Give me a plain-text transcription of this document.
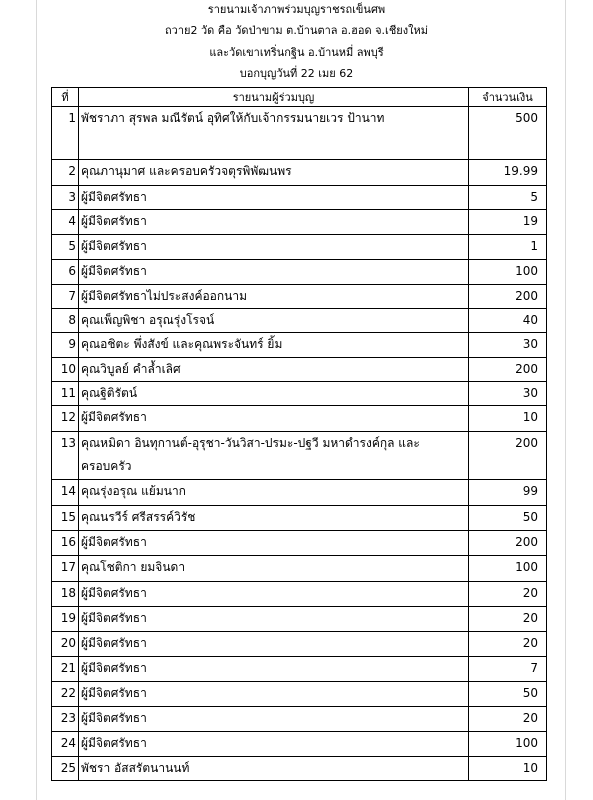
รายนามเจ้าภาพร่วมบุญราชรถเข็นศพ
ถวาย2 วัด คือ วัดป่าขาม ต.บ้านตาล อ.ฮอด จ.เชียงใหม่
และวัดเขาเทริ่นกฐิน อ.บ้านหมี่ ลพบุรี
บอกบุญวันที่ 22 เมย 62
ที่	รายนามผู้ร่วมบุญ	จำนวนเงิน
1	พัชราภา สุรพล มณีรัตน์ อุทิศให้กับเจ้ากรรมนายเวร ป้านาท	500
2	คุณภานุมาศ และครอบครัวจตุรพิพัฒนพร	19.99
3	ผู้มีจิตศรัทธา	5
4	ผู้มีจิตศรัทธา	19
5	ผู้มีจิตศรัทธา	1
6	ผู้มีจิตศรัทธา	100
7	ผู้มีจิตศรัทธาไม่ประสงค์ออกนาม	200
8	คุณเพ็ญพิชา อรุณรุ่งโรจน์	40
9	คุณอชิตะ พึ่งสังข์ และคุณพระจันทร์ ยิ้ม	30
10	คุณวิบูลย์ คำล้ำเลิศ	200
11	คุณฐิติรัตน์	30
12	ผู้มีจิตศรัทธา	10
13	คุณหมิดา อินทุกานต์-อุรุชา-วันวิสา-ปรมะ-ปฐวี มหาดำรงค์กุล และครอบครัว	200
14	คุณรุ่งอรุณ แย้มนาก	99
15	คุณนรวีร์ ศรีสรรค์วิรัช	50
16	ผู้มีจิตศรัทธา	200
17	คุณโชติกา ยมจินดา	100
18	ผู้มีจิตศรัทธา	20
19	ผู้มีจิตศรัทธา	20
20	ผู้มีจิตศรัทธา	20
21	ผู้มีจิตศรัทธา	7
22	ผู้มีจิตศรัทธา	50
23	ผู้มีจิตศรัทธา	20
24	ผู้มีจิตศรัทธา	100
25	พัชรา อัสสรัตนานนท์	10
